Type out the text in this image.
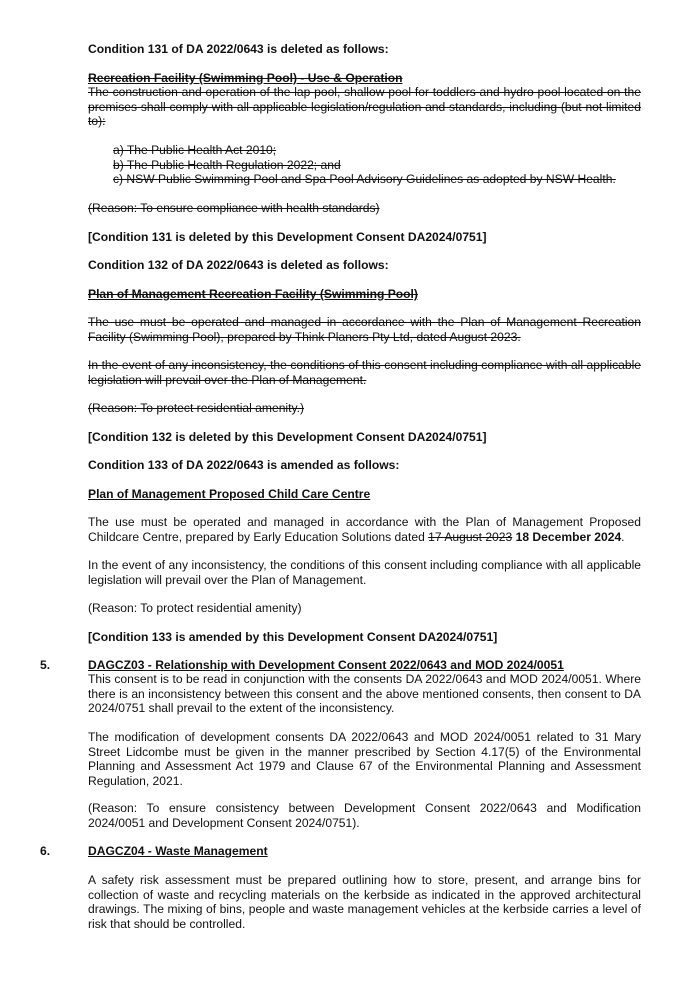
Condition 131 of DA 2022/0643 is deleted as follows:

Recreation Facility (Swimming Pool) - Use & Operation

The construction and operation of the lap pool, shallow pool for toddlers and hydro pool located on the premises shall comply with all applicable legislation/regulation and standards, including (but not limited to):

a) The Public Health Act 2010;
b) The Public Health Regulation 2022; and
c) NSW Public Swimming Pool and Spa Pool Advisory Guidelines as adopted by NSW Health.

(Reason: To ensure compliance with health standards)

[Condition 131 is deleted by this Development Consent DA2024/0751]

Condition 132 of DA 2022/0643 is deleted as follows:

Plan of Management Recreation Facility (Swimming Pool)

The use must be operated and managed in accordance with the Plan of Management Recreation Facility (Swimming Pool), prepared by Think Planers Pty Ltd, dated August 2023.

In the event of any inconsistency, the conditions of this consent including compliance with all applicable legislation will prevail over the Plan of Management.

(Reason: To protect residential amenity.)

[Condition 132 is deleted by this Development Consent DA2024/0751]

Condition 133 of DA 2022/0643 is amended as follows:

Plan of Management Proposed Child Care Centre

The use must be operated and managed in accordance with the Plan of Management Proposed Childcare Centre, prepared by Early Education Solutions dated 17 August 2023 18 December 2024.

In the event of any inconsistency, the conditions of this consent including compliance with all applicable legislation will prevail over the Plan of Management.

(Reason: To protect residential amenity)

[Condition 133 is amended by this Development Consent DA2024/0751]

5.	DAGCZ03 - Relationship with Development Consent 2022/0643 and MOD 2024/0051

This consent is to be read in conjunction with the consents DA 2022/0643 and MOD 2024/0051. Where there is an inconsistency between this consent and the above mentioned consents, then consent to DA 2024/0751 shall prevail to the extent of the inconsistency.

The modification of development consents DA 2022/0643 and MOD 2024/0051 related to 31 Mary Street Lidcombe must be given in the manner prescribed by Section 4.17(5) of the Environmental Planning and Assessment Act 1979 and Clause 67 of the Environmental Planning and Assessment Regulation, 2021.

(Reason: To ensure consistency between Development Consent 2022/0643 and Modification 2024/0051 and Development Consent 2024/0751).

6.	DAGCZ04 - Waste Management

A safety risk assessment must be prepared outlining how to store, present, and arrange bins for collection of waste and recycling materials on the kerbside as indicated in the approved architectural drawings. The mixing of bins, people and waste management vehicles at the kerbside carries a level of risk that should be controlled.
